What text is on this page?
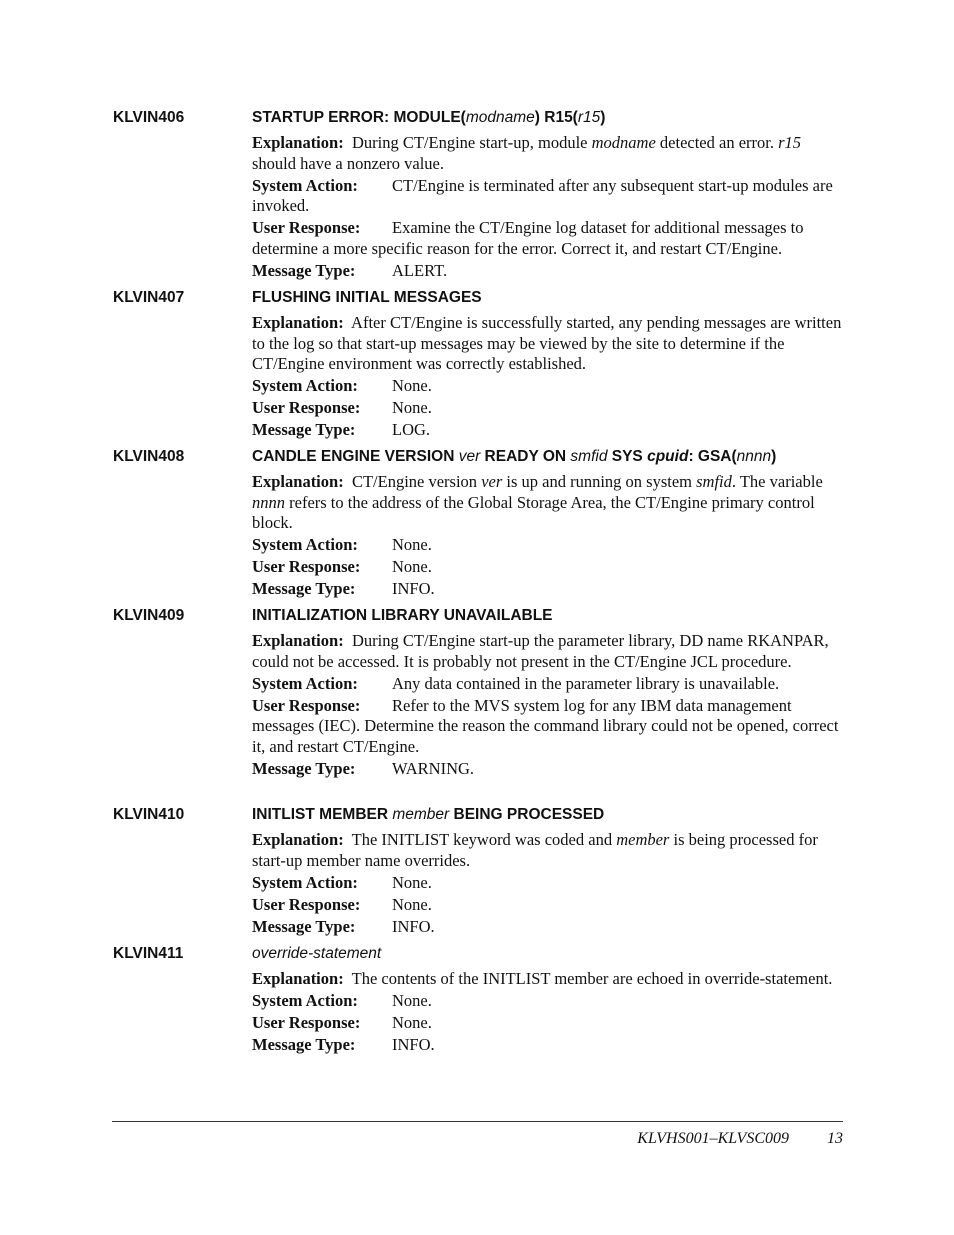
KLVIN406	STARTUP ERROR: MODULE(modname) R15(r15)
Explanation: During CT/Engine start-up, module modname detected an error. r15 should have a nonzero value.
System Action: CT/Engine is terminated after any subsequent start-up modules are invoked.
User Response: Examine the CT/Engine log dataset for additional messages to determine a more specific reason for the error. Correct it, and restart CT/Engine.
Message Type: ALERT.
KLVIN407	FLUSHING INITIAL MESSAGES
Explanation: After CT/Engine is successfully started, any pending messages are written to the log so that start-up messages may be viewed by the site to determine if the CT/Engine environment was correctly established.
System Action: None.
User Response: None.
Message Type: LOG.
KLVIN408	CANDLE ENGINE VERSION ver READY ON smfid SYS cpuid: GSA(nnnn)
Explanation: CT/Engine version ver is up and running on system smfid. The variable nnnn refers to the address of the Global Storage Area, the CT/Engine primary control block.
System Action: None.
User Response: None.
Message Type: INFO.
KLVIN409	INITIALIZATION LIBRARY UNAVAILABLE
Explanation: During CT/Engine start-up the parameter library, DD name RKANPAR, could not be accessed. It is probably not present in the CT/Engine JCL procedure.
System Action: Any data contained in the parameter library is unavailable.
User Response: Refer to the MVS system log for any IBM data management messages (IEC). Determine the reason the command library could not be opened, correct it, and restart CT/Engine.
Message Type: WARNING.
KLVIN410	INITLIST MEMBER member BEING PROCESSED
Explanation: The INITLIST keyword was coded and member is being processed for start-up member name overrides.
System Action: None.
User Response: None.
Message Type: INFO.
KLVIN411	override-statement
Explanation: The contents of the INITLIST member are echoed in override-statement.
System Action: None.
User Response: None.
Message Type: INFO.
KLVHS001–KLVSC009 13
